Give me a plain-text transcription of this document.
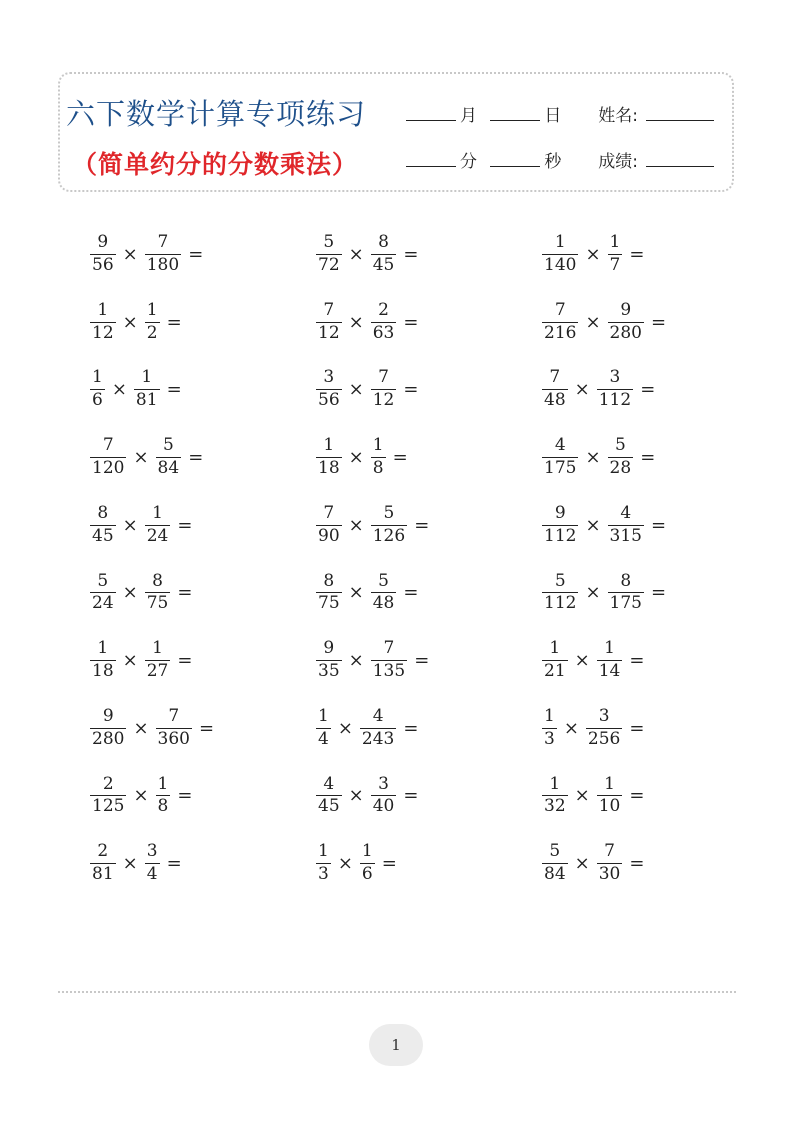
六下数学计算专项练习
（简单约分的分数乘法）
月	日 姓名:
分	秒 成绩:
$\frac{9}{56} \times \frac{7}{180}$ =	$\frac{5}{72} \times \frac{8}{45}$ =	$\frac{1}{140} \times \frac{1}{7}$ =
$\frac{1}{12} \times \frac{1}{2}$ =	$\frac{7}{12} \times \frac{2}{63}$ =	$\frac{7}{216} \times \frac{9}{280}$ =
$\frac{1}{6} \times \frac{1}{81}$ =	$\frac{3}{56} \times \frac{7}{12}$ =	$\frac{7}{48} \times \frac{3}{112}$ =
$\frac{7}{120} \times \frac{5}{84}$ =	$\frac{1}{18} \times \frac{1}{8}$ =	$\frac{4}{175} \times \frac{5}{28}$ =
$\frac{8}{45} \times \frac{1}{24}$ =	$\frac{7}{90} \times \frac{5}{126}$ =	$\frac{9}{112} \times \frac{4}{315}$ =
$\frac{5}{24} \times \frac{8}{75}$ =	$\frac{8}{75} \times \frac{5}{48}$ =	$\frac{5}{112} \times \frac{8}{175}$ =
$\frac{1}{18} \times \frac{1}{27}$ =	$\frac{9}{35} \times \frac{7}{135}$ =	$\frac{1}{21} \times \frac{1}{14}$ =
$\frac{9}{280} \times \frac{7}{360}$ =	$\frac{1}{4} \times \frac{4}{243}$ =	$\frac{1}{3} \times \frac{3}{256}$ =
$\frac{2}{125} \times \frac{1}{8}$ =	$\frac{4}{45} \times \frac{3}{40}$ =	$\frac{1}{32} \times \frac{1}{10}$ =
$\frac{2}{81} \times \frac{3}{4}$ =	$\frac{1}{3} \times \frac{1}{6}$ =	$\frac{5}{84} \times \frac{7}{30}$ =
1
